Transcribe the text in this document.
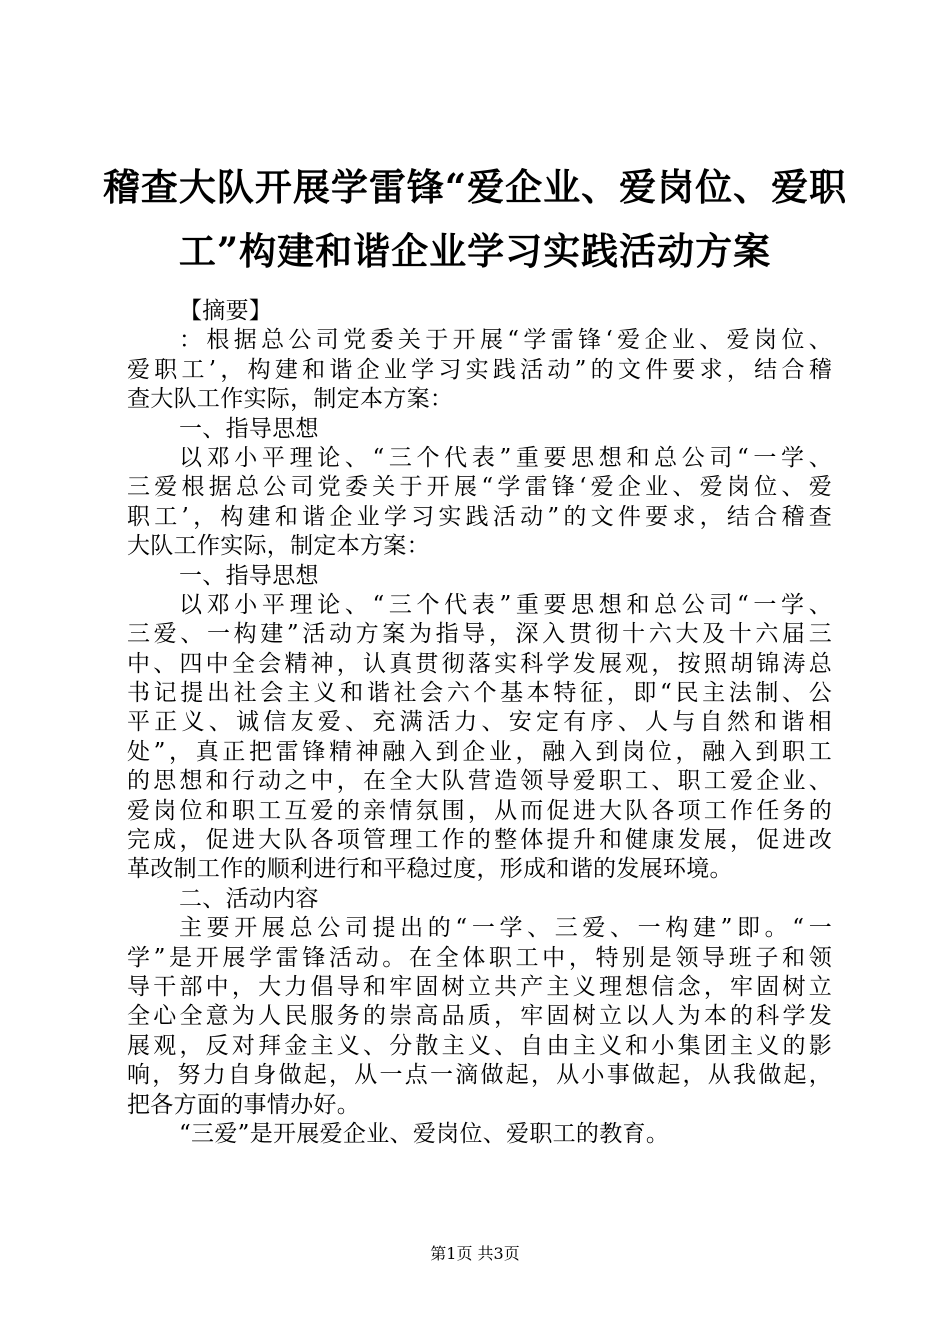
稽查大队开展学雷锋“爱企业、爱岗位、爱职
工”构建和谐企业学习实践活动方案
【摘要】
：根据总公司党委关于开展“学雷锋‘爱企业、爱岗位、
爱职工’，构建和谐企业学习实践活动”的文件要求，结合稽
查大队工作实际，制定本方案：
一、指导思想
以邓小平理论、“三个代表”重要思想和总公司“一学、
三爱根据总公司党委关于开展“学雷锋‘爱企业、爱岗位、爱
职工’，构建和谐企业学习实践活动”的文件要求，结合稽查
大队工作实际，制定本方案：
一、指导思想
以邓小平理论、“三个代表”重要思想和总公司“一学、
三爱、一构建”活动方案为指导，深入贯彻十六大及十六届三
中、四中全会精神，认真贯彻落实科学发展观，按照胡锦涛总
书记提出社会主义和谐社会六个基本特征，即“民主法制、公
平正义、诚信友爱、充满活力、安定有序、人与自然和谐相
处”，真正把雷锋精神融入到企业，融入到岗位，融入到职工
的思想和行动之中，在全大队营造领导爱职工、职工爱企业、
爱岗位和职工互爱的亲情氛围，从而促进大队各项工作任务的
完成，促进大队各项管理工作的整体提升和健康发展，促进改
革改制工作的顺利进行和平稳过度，形成和谐的发展环境。
二、活动内容
主要开展总公司提出的“一学、三爱、一构建”即。“一
学”是开展学雷锋活动。在全体职工中，特别是领导班子和领
导干部中，大力倡导和牢固树立共产主义理想信念，牢固树立
全心全意为人民服务的崇高品质，牢固树立以人为本的科学发
展观，反对拜金主义、分散主义、自由主义和小集团主义的影
响，努力自身做起，从一点一滴做起，从小事做起，从我做起，
把各方面的事情办好。
“三爱”是开展爱企业、爱岗位、爱职工的教育。
第1页 共3页
